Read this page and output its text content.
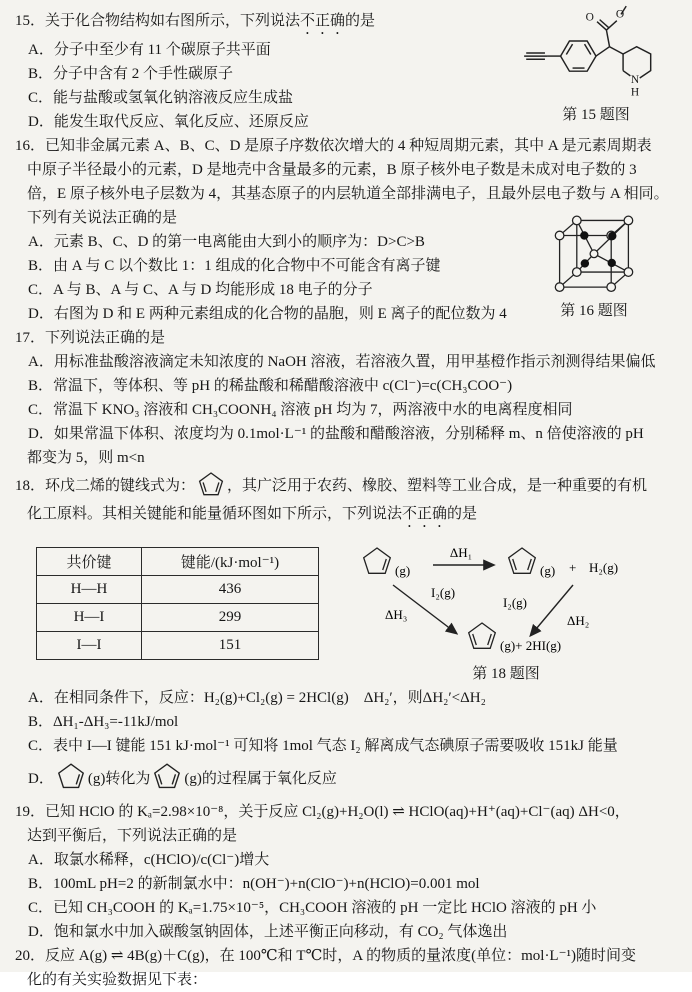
15．关于化合物结构如右图所示，下列说法不正确的是
A．分子中至少有 11 个碳原子共平面
B．分子中含有 2 个手性碳原子
C．能与盐酸或氢氧化钠溶液反应生成盐
D．能发生取代反应、氧化反应、还原反应
O O
N
H
第 15 题图
16．已知非金属元素 A、B、C、D 是原子序数依次增大的 4 种短周期元素，其中 A 是元素周期表
中原子半径最小的元素，D 是地壳中含量最多的元素，B 原子核外电子数是未成对电子数的 3
倍，E 原子核外电子层数为 4，其基态原子的内层轨道全部排满电子，且最外层电子数与 A 相同。
下列有关说法正确的是
A．元素 B、C、D 的第一电离能由大到小的顺序为：D>C>B
B．由 A 与 C 以个数比 1：1 组成的化合物中不可能含有离子键
C．A 与 B、A 与 C、A 与 D 均能形成 18 电子的分子
D．右图为 D 和 E 两种元素组成的化合物的晶胞，则 E 离子的配位数为 4	第 16 题图
17．下列说法正确的是
A．用标准盐酸溶液滴定未知浓度的 NaOH 溶液，若溶液久置，用甲基橙作指示剂测得结果偏低
B．常温下，等体积、等 pH 的稀盐酸和稀醋酸溶液中 c(Cl⁻)=c(CH₃COO⁻)
C．常温下 KNO₃ 溶液和 CH₃COONH₄ 溶液 pH 均为 7，两溶液中水的电离程度相同
D．如果常温下体积、浓度均为 0.1mol·L⁻¹ 的盐酸和醋酸溶液，分别稀释 m、n 倍使溶液的 pH
都变为 5，则 m<n
18．环戊二烯的键线式为： ，其广泛用于农药、橡胶、塑料等工业合成，是一种重要的有机
化工原料。其相关键能和能量循环图如下所示，下列说法不正确的是
共价键	键能/(kJ·mol⁻¹)
H—H	436
H—I	299
I—I	151
(g)
ΔH₁
(g) + H₂(g)
I₂(g)
ΔH₃
I₂(g)
ΔH₂
(g)+ 2HI(g)
第 18 题图
A．在相同条件下，反应：H₂(g)+Cl₂(g) = 2HCl(g)　ΔH₂′，则ΔH₂′<ΔH₂
B．ΔH₁-ΔH₃=-11kJ/mol
C．表中 I—I 键能 151 kJ·mol⁻¹ 可知将 1mol 气态 I₂ 解离成气态碘原子需要吸收 151kJ 能量
D． (g)转化为 (g)的过程属于氧化反应
19．已知 HClO 的 Kₐ=2.98×10⁻⁸，关于反应 Cl₂(g)+H₂O(l) ⇌ HClO(aq)+H⁺(aq)+Cl⁻(aq) ΔH<0，
达到平衡后，下列说法正确的是
A．取氯水稀释，c(HClO)/c(Cl⁻)增大
B．100mL pH=2 的新制氯水中：n(OH⁻)+n(ClO⁻)+n(HClO)=0.001 mol
C．已知 CH₃COOH 的 Kₐ=1.75×10⁻⁵，CH₃COOH 溶液的 pH 一定比 HClO 溶液的 pH 小
D．饱和氯水中加入碳酸氢钠固体，上述平衡正向移动，有 CO₂ 气体逸出
20．反应 A(g) ⇌ 4B(g)＋C(g)，在 100℃和 T℃时，A 的物质的量浓度(单位：mol·L⁻¹)随时间变
化的有关实验数据见下表：
